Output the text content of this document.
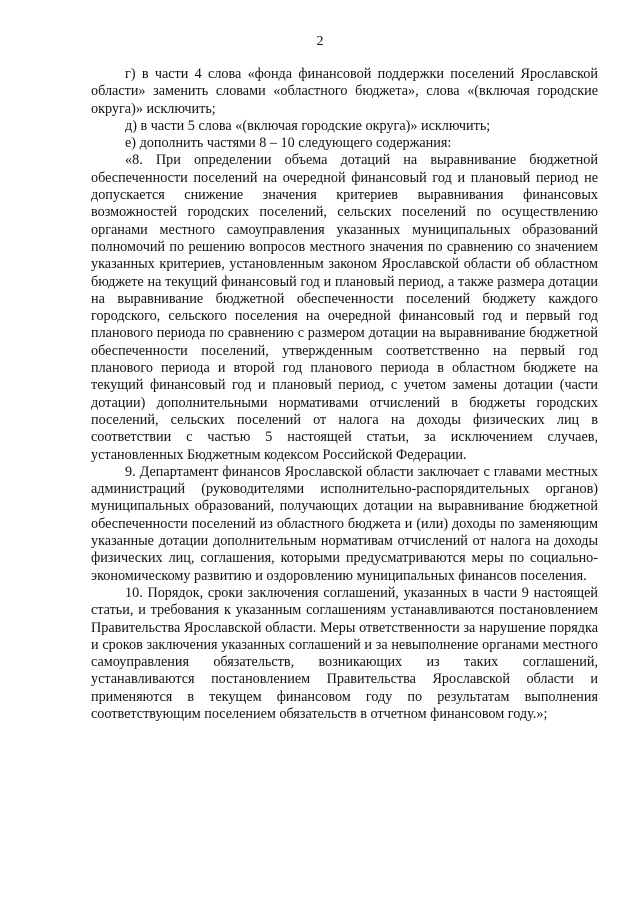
2

г) в части 4 слова «фонда финансовой поддержки поселений Ярославской области» заменить словами «областного бюджета», слова «(включая городские округа)» исключить;

д) в части 5 слова «(включая городские округа)» исключить;

е) дополнить частями 8 – 10 следующего содержания:

«8. При определении объема дотаций на выравнивание бюджетной обеспеченности поселений на очередной финансовый год и плановый период не допускается снижение значения критериев выравнивания финансовых возможностей городских поселений, сельских поселений по осуществлению органами местного самоуправления указанных муниципальных образований полномочий по решению вопросов местного значения по сравнению со значением указанных критериев, установленным законом Ярославской области об областном бюджете на текущий финансовый год и плановый период, а также размера дотации на выравнивание бюджетной обеспеченности поселений бюджету каждого городского, сельского поселения на очередной финансовый год и первый год планового периода по сравнению с размером дотации на выравнивание бюджетной обеспеченности поселений, утвержденным соответственно на первый год планового периода и второй год планового периода в областном бюджете на текущий финансовый год и плановый период, с учетом замены дотации (части дотации) дополнительными нормативами отчислений в бюджеты городских поселений, сельских поселений от налога на доходы физических лиц в соответствии с частью 5 настоящей статьи, за исключением случаев, установленных Бюджетным кодексом Российской Федерации.

9. Департамент финансов Ярославской области заключает с главами местных администраций (руководителями исполнительно-распорядительных органов) муниципальных образований, получающих дотации на выравнивание бюджетной обеспеченности поселений из областного бюджета и (или) доходы по заменяющим указанные дотации дополнительным нормативам отчислений от налога на доходы физических лиц, соглашения, которыми предусматриваются меры по социально-экономическому развитию и оздоровлению муниципальных финансов поселения.

10. Порядок, сроки заключения соглашений, указанных в части 9 настоящей статьи, и требования к указанным соглашениям устанавливаются постановлением Правительства Ярославской области. Меры ответственности за нарушение порядка и сроков заключения указанных соглашений и за невыполнение органами местного самоуправления обязательств, возникающих из таких соглашений, устанавливаются постановлением Правительства Ярославской области и применяются в текущем финансовом году по результатам выполнения соответствующим поселением обязательств в отчетном финансовом году.»;
